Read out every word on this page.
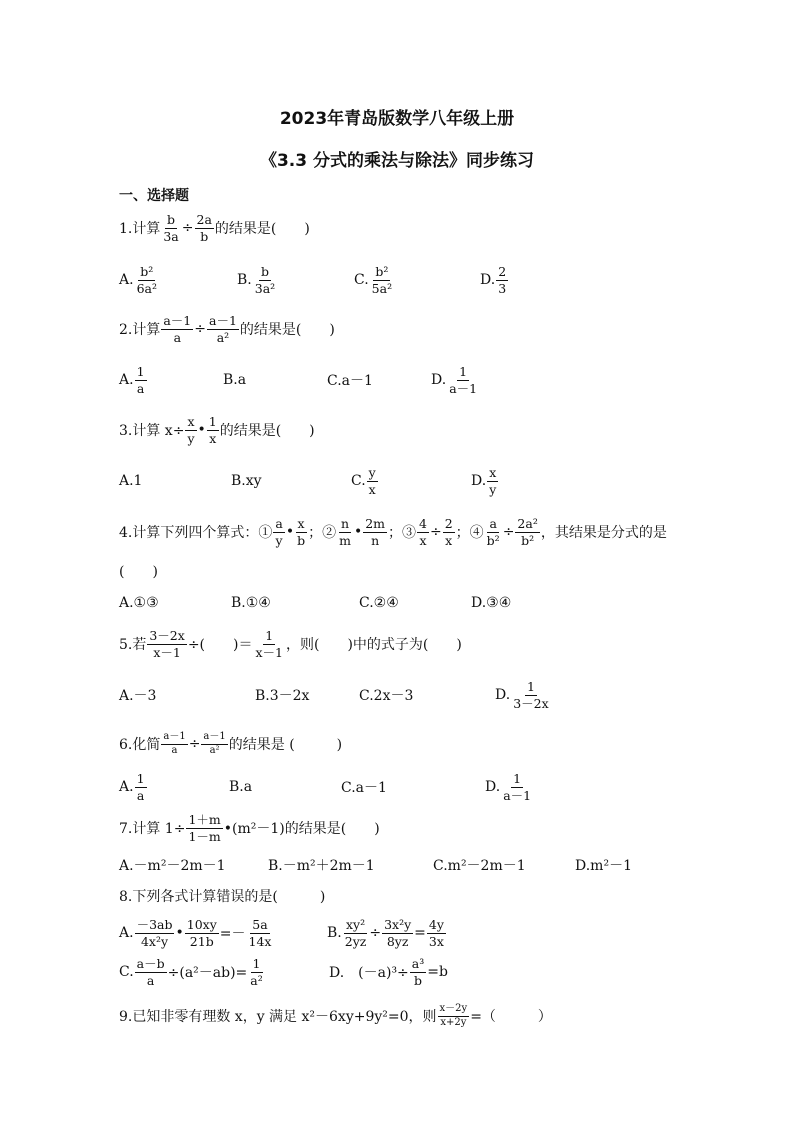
2023年青岛版数学八年级上册
《3.3 分式的乘法与除法》同步练习
一、选择题
1.计算 $\frac{b}{3a} \div \frac{2a}{b}$ 的结果是(　　)
A. $\frac{\text{b²}}{\text{6a²}}$	B. $\frac{b}{\text{3a²}}$	C. $\frac{\text{b²}}{\text{5a²}}$	D. $\frac{2}{3}$
2.计算 $\frac{a-1}{a} \div \frac{a-1}{\text{a²}}$ 的结果是(　　)
A. $\frac{1}{a}$	B.a	C.a－1	D. $\frac{1}{a-1}$
3.计算 $x\div \frac{x}{y}$ • $\frac{1}{x}$ 的结果是(　　)
A.1	B.xy	C. $\frac{y}{x}$	D. $\frac{x}{y}$
4.计算下列四个算式：① $\frac{a}{y}$ • $\frac{x}{b}$ ；② $\frac{n}{m}$ • $\frac{2m}{n}$ ；③ $\frac{4}{x} \div \frac{2}{x}$ ；④ $\frac{a}{\text{b²}} \div \frac{\text{2a²}}{\text{b²}}$ ，其结果是分式的是
(　　)
A.①③	B.①④	C.②④	D.③④
5.若 $\frac{3-2x}{x-1}$ ÷(　　)＝ $\frac{1}{x-1}$ ，则(　　)中的式子为(　　)
A.－3	B.3－2x	C.2x－3	D. $\frac{1}{3-2x}$
6.化简 $\frac{a-1}{a} \div \frac{a-1}{\text{a²}}$ 的结果是 (　　　)
A. $\frac{1}{a}$	B.a	C.a－1	D. $\frac{1}{a-1}$
7.计算 $1\div \frac{1+m}{1-m}$ •(m²－1)的结果是(　　)
A.－m²－2m－1	B.－m²＋2m－1	C.m²－2m－1	D.m²－1
8.下列各式计算错误的是(　　　)
A. $\frac{-3ab}{\text{4x²y}}$ • $\frac{10xy}{21b} =- \frac{5a}{14x}$	B. $\frac{\text{xy²}}{2yz} \div \frac{\text{3x²y}}{8yz} = \frac{4y}{3x}$
C. $\frac{a-b}{a} \div(a^2-ab)= \frac{1}{\text{a²}}$	D.　$(-a)^3\div \frac{\text{a³}}{b} =b$
9.已知非零有理数 x，y 满足 x²－6xy+9y²=0，则 $\frac{x-2y}{x+2y}$ =（　　　）
